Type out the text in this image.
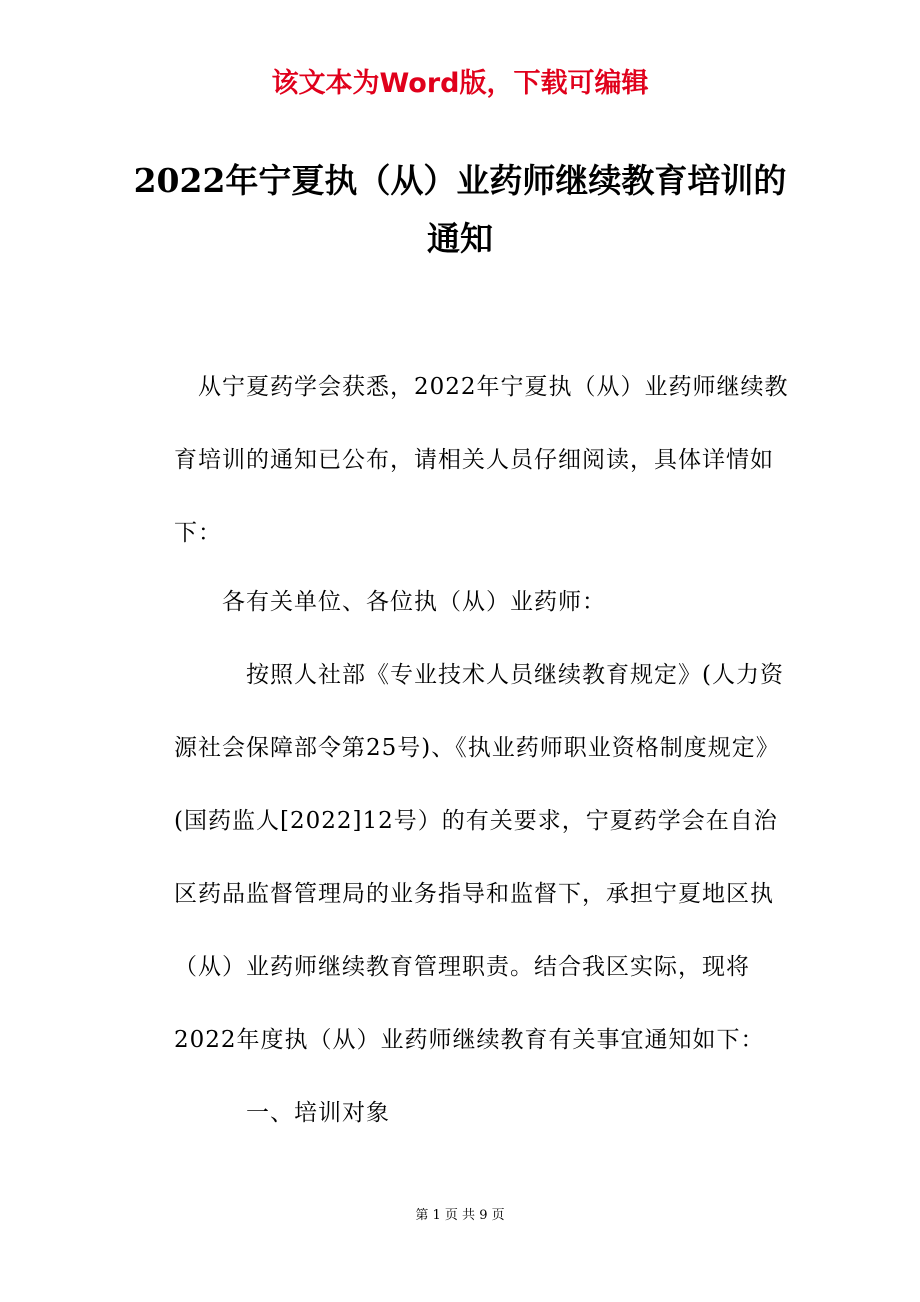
该文本为Word版，下载可编辑
2022年宁夏执（从）业药师继续教育培训的通知
从宁夏药学会获悉，2022年宁夏执（从）业药师继续教育培训的通知已公布，请相关人员仔细阅读，具体详情如下：
各有关单位、各位执（从）业药师：
按照人社部《专业技术人员继续教育规定》(人力资源社会保障部令第25号)、《执业药师职业资格制度规定》(国药监人[2022]12号）的有关要求，宁夏药学会在自治区药品监督管理局的业务指导和监督下，承担宁夏地区执（从）业药师继续教育管理职责。结合我区实际，现将2022年度执（从）业药师继续教育有关事宜通知如下：
一、培训对象
第 1 页 共 9 页
